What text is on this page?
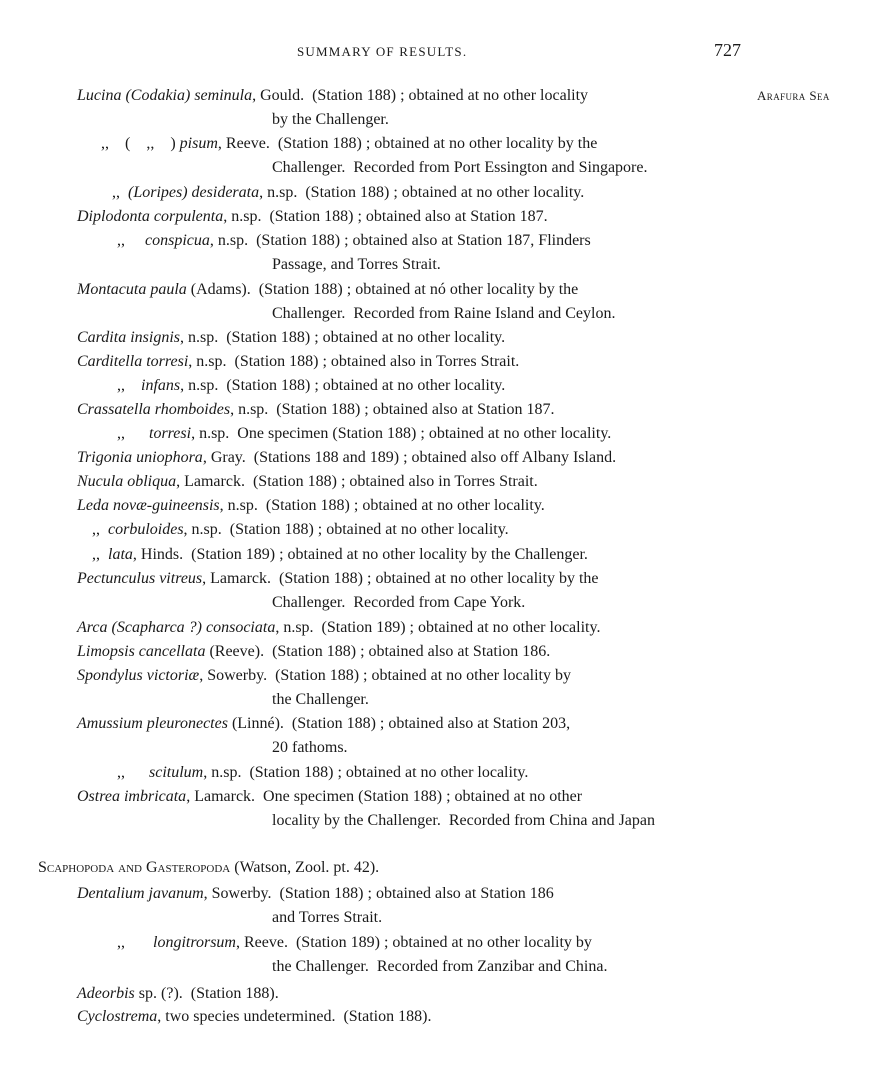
SUMMARY OF RESULTS.	727
Arafura Sea
Lucina (Codakia) seminula, Gould.  (Station 188) ; obtained at no other locality
by the Challenger.
,,    (    ,,    ) pisum, Reeve.  (Station 188) ; obtained at no other locality by the
Challenger.  Recorded from Port Essington and Singapore.
,,  (Loripes) desiderata, n.sp.  (Station 188) ; obtained at no other locality.
Diplodonta corpulenta, n.sp.  (Station 188) ; obtained also at Station 187.
,,     conspicua, n.sp.  (Station 188) ; obtained also at Station 187, Flinders
Passage, and Torres Strait.
Montacuta paula (Adams).  (Station 188) ; obtained at nó other locality by the
Challenger.  Recorded from Raine Island and Ceylon.
Cardita insignis, n.sp.  (Station 188) ; obtained at no other locality.
Carditella torresi, n.sp.  (Station 188) ; obtained also in Torres Strait.
,,    infans, n.sp.  (Station 188) ; obtained at no other locality.
Crassatella rhomboides, n.sp.  (Station 188) ; obtained also at Station 187.
,,      torresi, n.sp.  One specimen (Station 188) ; obtained at no other locality.
Trigonia uniophora, Gray.  (Stations 188 and 189) ; obtained also off Albany Island.
Nucula obliqua, Lamarck.  (Station 188) ; obtained also in Torres Strait.
Leda novæ-guineensis, n.sp.  (Station 188) ; obtained at no other locality.
,,  corbuloides, n.sp.  (Station 188) ; obtained at no other locality.
,,  lata, Hinds.  (Station 189) ; obtained at no other locality by the Challenger.
Pectunculus vitreus, Lamarck.  (Station 188) ; obtained at no other locality by the
Challenger.  Recorded from Cape York.
Arca (Scapharca ?) consociata, n.sp.  (Station 189) ; obtained at no other locality.
Limopsis cancellata (Reeve).  (Station 188) ; obtained also at Station 186.
Spondylus victoriæ, Sowerby.  (Station 188) ; obtained at no other locality by
the Challenger.
Amussium pleuronectes (Linné).  (Station 188) ; obtained also at Station 203,
20 fathoms.
,,      scitulum, n.sp.  (Station 188) ; obtained at no other locality.
Ostrea imbricata, Lamarck.  One specimen (Station 188) ; obtained at no other
locality by the Challenger.  Recorded from China and Japan
Scaphopoda and Gasteropoda (Watson, Zool. pt. 42).
Dentalium javanum, Sowerby.  (Station 188) ; obtained also at Station 186
and Torres Strait.
,,       longitrorsum, Reeve.  (Station 189) ; obtained at no other locality by
the Challenger.  Recorded from Zanzibar and China.
Adeorbis sp. (?).  (Station 188).
Cyclostrema, two species undetermined.  (Station 188).
